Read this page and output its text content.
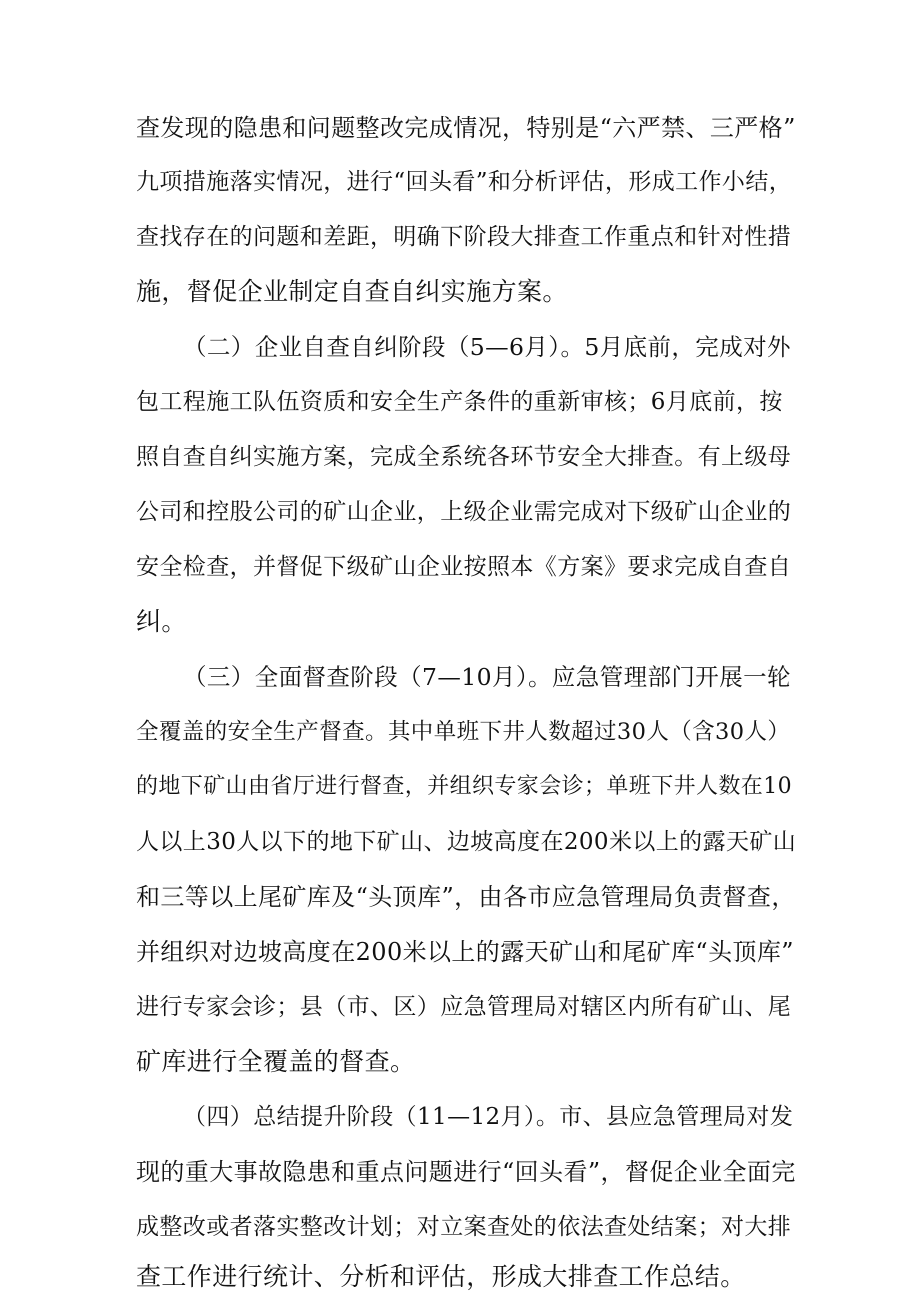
查发现的隐患和问题整改完成情况，特别是“六严禁、三严格”
九项措施落实情况，进行“回头看”和分析评估，形成工作小结，
查找存在的问题和差距，明确下阶段大排查工作重点和针对性措
施，督促企业制定自查自纠实施方案。
（二）企业自查自纠阶段（5—6月）。5月底前，完成对外
包工程施工队伍资质和安全生产条件的重新审核；6月底前，按
照自查自纠实施方案，完成全系统各环节安全大排查。有上级母
公司和控股公司的矿山企业，上级企业需完成对下级矿山企业的
安全检查，并督促下级矿山企业按照本《方案》要求完成自查自
纠。
（三）全面督查阶段（7—10月）。应急管理部门开展一轮
全覆盖的安全生产督查。其中单班下井人数超过30人（含30人）
的地下矿山由省厅进行督查，并组织专家会诊；单班下井人数在10
人以上30人以下的地下矿山、边坡高度在200米以上的露天矿山
和三等以上尾矿库及“头顶库”，由各市应急管理局负责督查，
并组织对边坡高度在200米以上的露天矿山和尾矿库“头顶库”
进行专家会诊；县（市、区）应急管理局对辖区内所有矿山、尾
矿库进行全覆盖的督查。
（四）总结提升阶段（11—12月）。市、县应急管理局对发
现的重大事故隐患和重点问题进行“回头看”，督促企业全面完
成整改或者落实整改计划；对立案查处的依法查处结案；对大排
查工作进行统计、分析和评估，形成大排查工作总结。
